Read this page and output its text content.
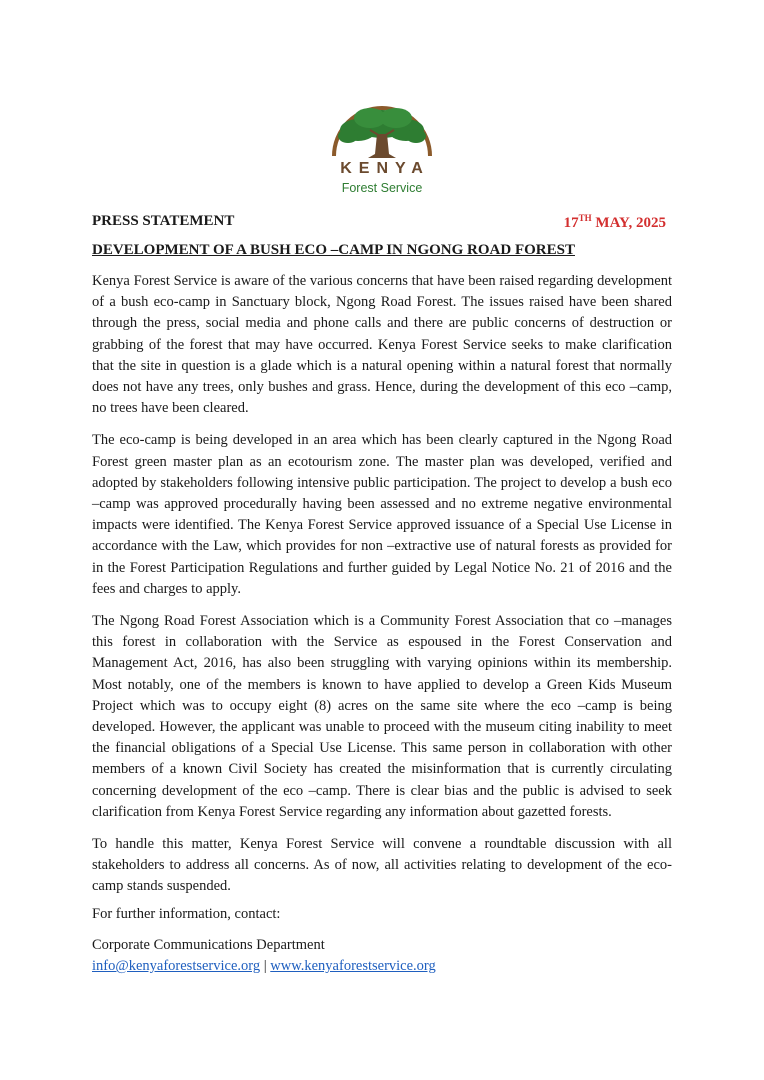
KENYA
Forest Service
PRESS STATEMENT	17TH MAY, 2025
DEVELOPMENT OF A BUSH ECO –CAMP IN NGONG ROAD FOREST

Kenya Forest Service is aware of the various concerns that have been raised regarding development of a bush eco-camp in Sanctuary block, Ngong Road Forest. The issues raised have been shared through the press, social media and phone calls and there are public concerns of destruction or grabbing of the forest that may have occurred. Kenya Forest Service seeks to make clarification that the site in question is a glade which is a natural opening within a natural forest that normally does not have any trees, only bushes and grass. Hence, during the development of this eco –camp, no trees have been cleared.

The eco-camp is being developed in an area which has been clearly captured in the Ngong Road Forest green master plan as an ecotourism zone. The master plan was developed, verified and adopted by stakeholders following intensive public participation. The project to develop a bush eco –camp was approved procedurally having been assessed and no extreme negative environmental impacts were identified. The Kenya Forest Service approved issuance of a Special Use License in accordance with the Law, which provides for non –extractive use of natural forests as provided for in the Forest Participation Regulations and further guided by Legal Notice No. 21 of 2016 and the fees and charges to apply.

The Ngong Road Forest Association which is a Community Forest Association that co –manages this forest in collaboration with the Service as espoused in the Forest Conservation and Management Act, 2016, has also been struggling with varying opinions within its membership. Most notably, one of the members is known to have applied to develop a Green Kids Museum Project which was to occupy eight (8) acres on the same site where the eco –camp is being developed. However, the applicant was unable to proceed with the museum citing inability to meet the financial obligations of a Special Use License. This same person in collaboration with other members of a known Civil Society has created the misinformation that is currently circulating concerning development of the eco –camp. There is clear bias and the public is advised to seek clarification from Kenya Forest Service regarding any information about gazetted forests.

To handle this matter, Kenya Forest Service will convene a roundtable discussion with all stakeholders to address all concerns. As of now, all activities relating to development of the eco-camp stands suspended.

For further information, contact:
Corporate Communications Department
info@kenyaforestservice.org | www.kenyaforestservice.org
